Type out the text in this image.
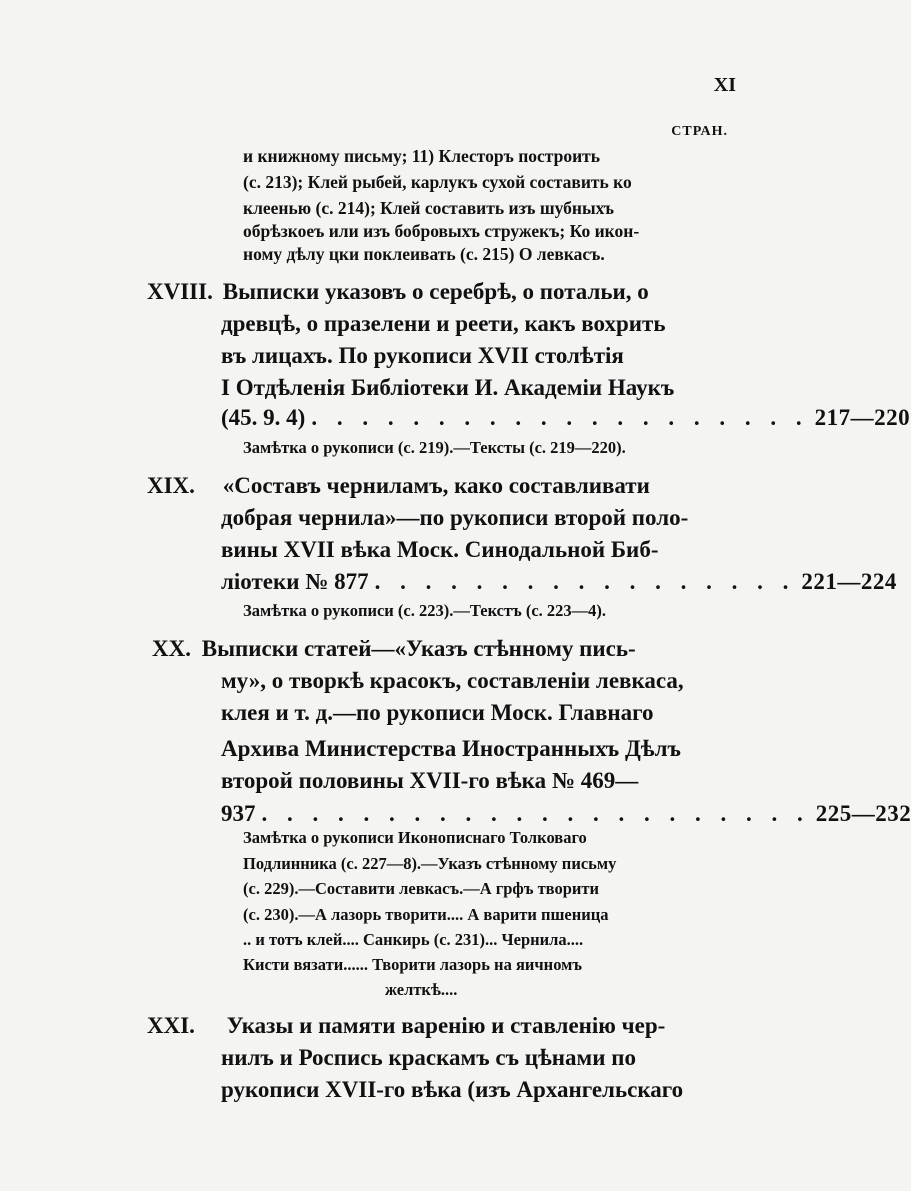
XI
СТРАН.
и книжному письму; 11) Клесторъ построить
(с. 213); Клей рыбей, карлукъ сухой составить ко
клеенью (с. 214); Клей составить изъ шубныхъ
обрѣзкоеъ или изъ бобровыхъ стружекъ; Ко икон-
ному дѣлу цки поклеивать (с. 215) О левкасъ.
XVIII. Выписки указовъ о серебрѣ, о потальи, о
древцѣ, о празелени и реети, какъ вохрить
въ лицахъ. По рукописи XVII столѣтія
І Отдѣленія Библіотеки И. Академіи Наукъ
(45. 9. 4) . . . . . . . . . . . . . . . . . . . . 217—220
Замѣтка о рукописи (с. 219).—Тексты (с. 219—220).
XIX. «Составъ черниламъ, како составливати
добрая чернила»—по рукописи второй поло-
вины XVII вѣка Моск. Синодальной Биб-
ліотеки № 877 . . . . . . . . . . . . . . . . . 221—224
Замѣтка о рукописи (с. 223).—Текстъ (с. 223—4).
XX. Выписки статей—«Указъ стѣнному пись-
му», о творкѣ красокъ, составленіи левкаса,
клея и т. д.—по рукописи Моск. Главнаго
Архива Министерства Иностранныхъ Дѣлъ
второй половины XVII-го вѣка № 469—
937 . . . . . . . . . . . . . . . . . . . . . . 225—232
Замѣтка о рукописи Иконописнаго Толковаго
Подлинника (с. 227—8).—Указъ стѣнному письму
(с. 229).—Составити левкасъ.—А грфъ творити
(с. 230).—А лазорь творити.... А варити пшеница
.. и тотъ клей.... Санкирь (с. 231)... Чернила....
Кисти вязати...... Творити лазорь на яичномъ
желткѣ....
XXI. Указы и памяти варенію и ставленію чер-
нилъ и Роспись краскамъ съ цѣнами по
рукописи XVII-го вѣка (изъ Архангельскаго
